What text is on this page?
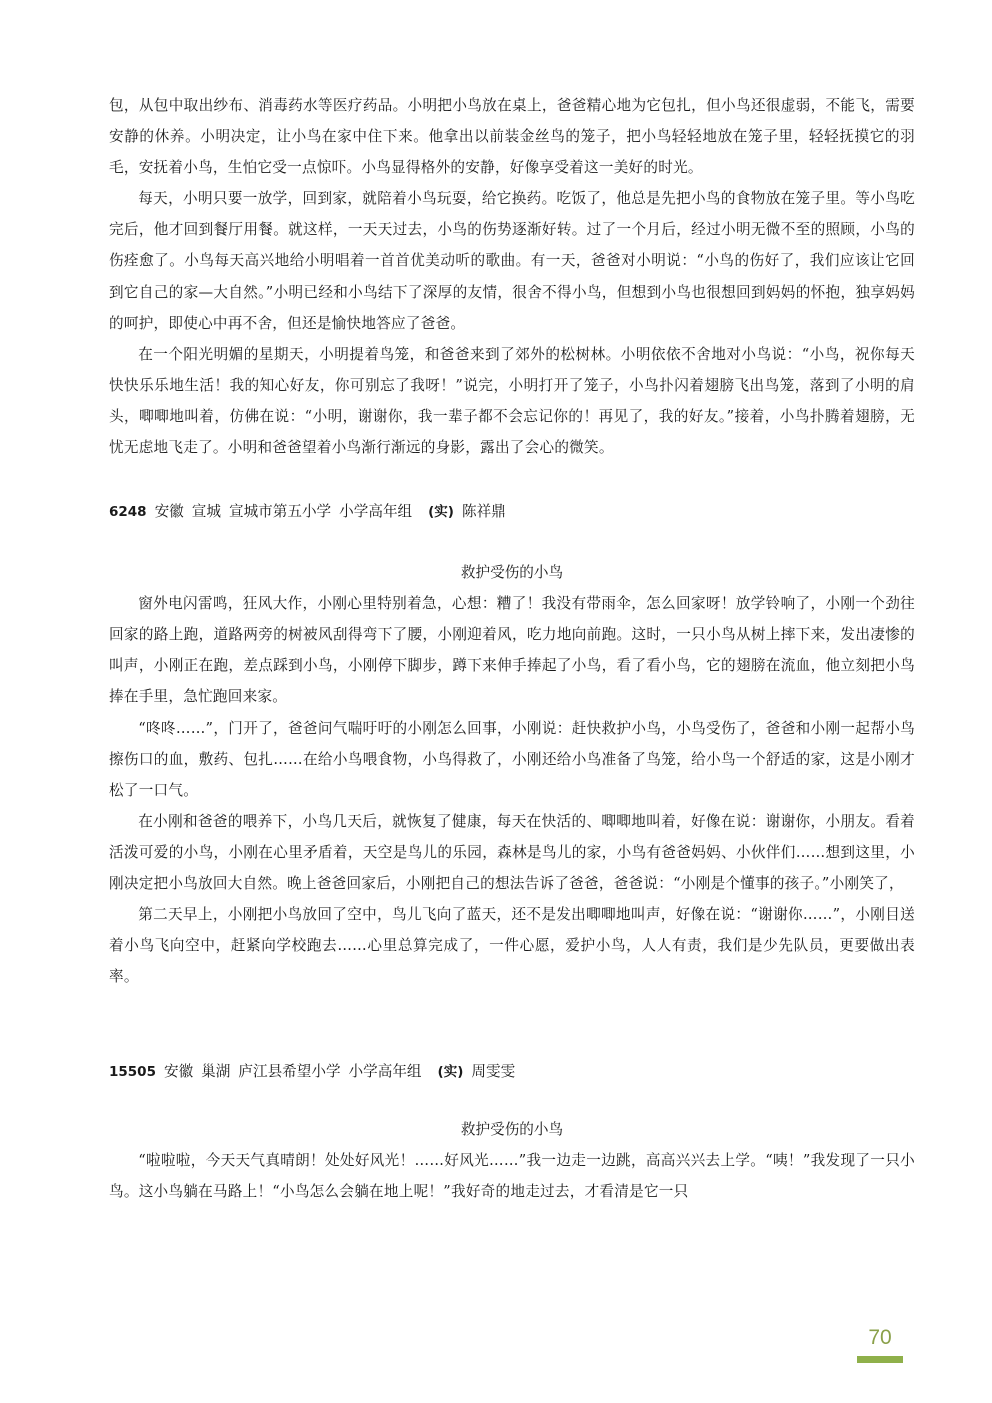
包，从包中取出纱布、消毒药水等医疗药品。小明把小鸟放在桌上，爸爸精心地为它包扎，但小鸟还很虚弱，不能飞，需要安静的休养。小明决定，让小鸟在家中住下来。他拿出以前装金丝鸟的笼子，把小鸟轻轻地放在笼子里，轻轻抚摸它的羽毛，安抚着小鸟，生怕它受一点惊吓。小鸟显得格外的安静，好像享受着这一美好的时光。

每天，小明只要一放学，回到家，就陪着小鸟玩耍，给它换药。吃饭了，他总是先把小鸟的食物放在笼子里。等小鸟吃完后，他才回到餐厅用餐。就这样，一天天过去，小鸟的伤势逐渐好转。过了一个月后，经过小明无微不至的照顾，小鸟的伤痊愈了。小鸟每天高兴地给小明唱着一首首优美动听的歌曲。有一天，爸爸对小明说：“小鸟的伤好了，我们应该让它回到它自己的家—大自然。”小明已经和小鸟结下了深厚的友情，很舍不得小鸟，但想到小鸟也很想回到妈妈的怀抱，独享妈妈的呵护，即使心中再不舍，但还是愉快地答应了爸爸。

在一个阳光明媚的星期天，小明提着鸟笼，和爸爸来到了郊外的松树林。小明依依不舍地对小鸟说：“小鸟，祝你每天快快乐乐地生活！我的知心好友，你可别忘了我呀！”说完，小明打开了笼子，小鸟扑闪着翅膀飞出鸟笼，落到了小明的肩头，唧唧地叫着，仿佛在说：“小明，谢谢你，我一辈子都不会忘记你的！再见了，我的好友。”接着，小鸟扑腾着翅膀，无忧无虑地飞走了。小明和爸爸望着小鸟渐行渐远的身影，露出了会心的微笑。

6248 安徽 宣城 宣城市第五小学 小学高年组 (实) 陈祥鼎

救护受伤的小鸟

窗外电闪雷鸣，狂风大作，小刚心里特别着急，心想：糟了！我没有带雨伞，怎么回家呀！放学铃响了，小刚一个劲往回家的路上跑，道路两旁的树被风刮得弯下了腰，小刚迎着风，吃力地向前跑。这时，一只小鸟从树上摔下来，发出凄惨的叫声，小刚正在跑，差点踩到小鸟，小刚停下脚步，蹲下来伸手捧起了小鸟，看了看小鸟，它的翅膀在流血，他立刻把小鸟捧在手里，急忙跑回来家。

“咚咚……”，门开了，爸爸问气喘吁吁的小刚怎么回事，小刚说：赶快救护小鸟，小鸟受伤了，爸爸和小刚一起帮小鸟擦伤口的血，敷药、包扎……在给小鸟喂食物，小鸟得救了，小刚还给小鸟准备了鸟笼，给小鸟一个舒适的家，这是小刚才松了一口气。

在小刚和爸爸的喂养下，小鸟几天后，就恢复了健康，每天在快活的、唧唧地叫着，好像在说：谢谢你，小朋友。看着活泼可爱的小鸟，小刚在心里矛盾着，天空是鸟儿的乐园，森林是鸟儿的家，小鸟有爸爸妈妈、小伙伴们……想到这里，小刚决定把小鸟放回大自然。晚上爸爸回家后，小刚把自己的想法告诉了爸爸，爸爸说：“小刚是个懂事的孩子。”小刚笑了，

第二天早上，小刚把小鸟放回了空中，鸟儿飞向了蓝天，还不是发出唧唧地叫声，好像在说：“谢谢你……”，小刚目送着小鸟飞向空中，赶紧向学校跑去……心里总算完成了，一件心愿，爱护小鸟，人人有责，我们是少先队员，更要做出表率。

15505 安徽 巢湖 庐江县希望小学 小学高年组 (实) 周雯雯

救护受伤的小鸟

“啦啦啦，今天天气真晴朗！处处好风光！……好风光……”我一边走一边跳，高高兴兴去上学。“咦！”我发现了一只小鸟。这小鸟躺在马路上！“小鸟怎么会躺在地上呢！”我好奇的地走过去，才看清是它一只

70
